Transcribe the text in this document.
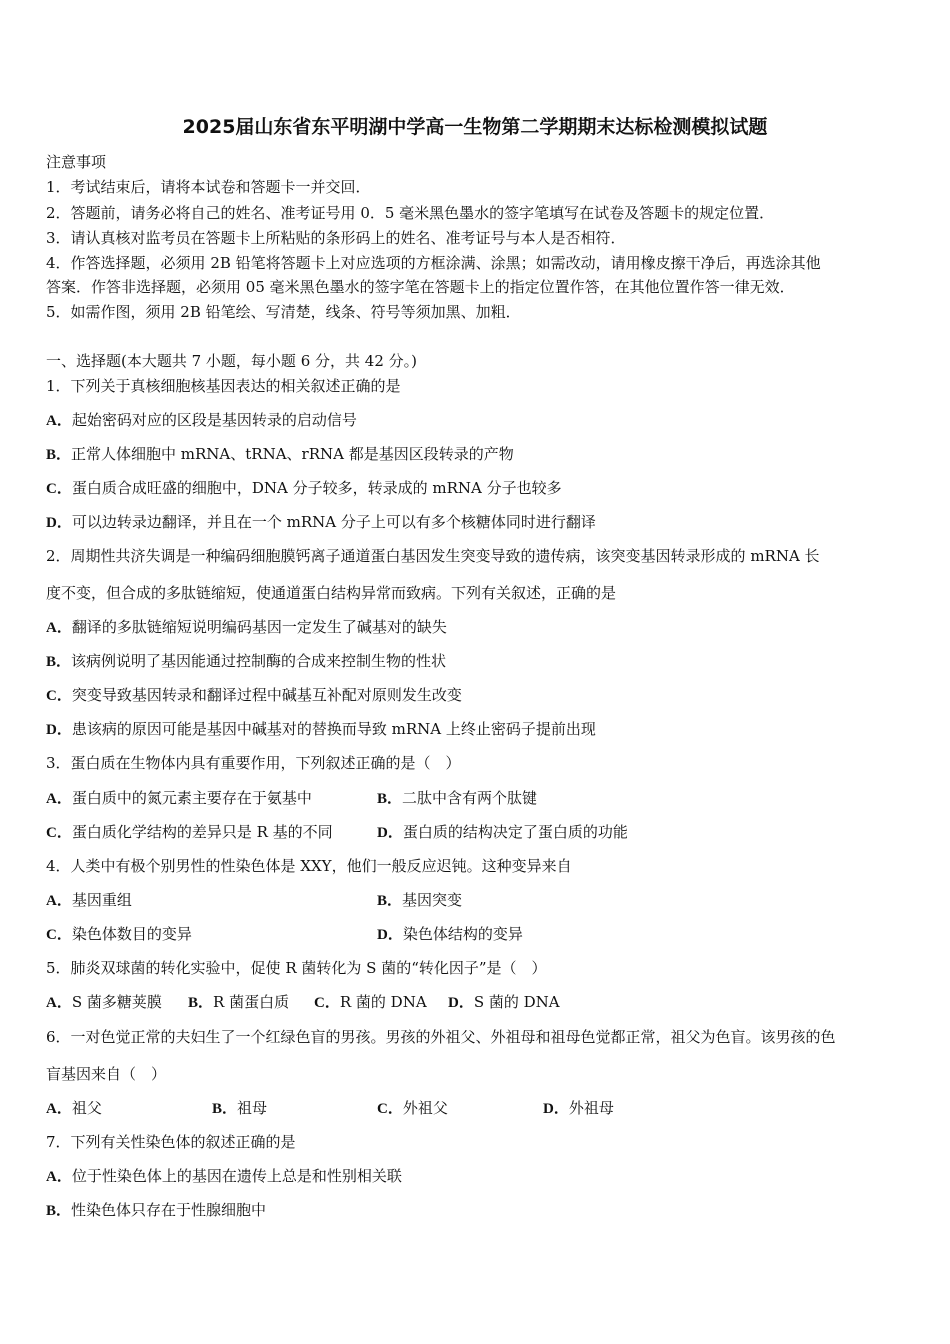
2025届山东省东平明湖中学高一生物第二学期期末达标检测模拟试题
注意事项
1．考试结束后，请将本试卷和答题卡一并交回．
2．答题前，请务必将自己的姓名、准考证号用 0．5 毫米黑色墨水的签字笔填写在试卷及答题卡的规定位置．
3．请认真核对监考员在答题卡上所粘贴的条形码上的姓名、准考证号与本人是否相符．
4．作答选择题，必须用 2B 铅笔将答题卡上对应选项的方框涂满、涂黑；如需改动，请用橡皮擦干净后，再选涂其他
答案．作答非选择题，必须用 05 毫米黑色墨水的签字笔在答题卡上的指定位置作答，在其他位置作答一律无效．
5．如需作图，须用 2B 铅笔绘、写清楚，线条、符号等须加黑、加粗．
一、选择题(本大题共 7 小题，每小题 6 分，共 42 分。)
1．下列关于真核细胞核基因表达的相关叙述正确的是
A．起始密码对应的区段是基因转录的启动信号
B．正常人体细胞中 mRNA、tRNA、rRNA 都是基因区段转录的产物
C．蛋白质合成旺盛的细胞中，DNA 分子较多，转录成的 mRNA 分子也较多
D．可以边转录边翻译，并且在一个 mRNA 分子上可以有多个核糖体同时进行翻译
2．周期性共济失调是一种编码细胞膜钙离子通道蛋白基因发生突变导致的遗传病，该突变基因转录形成的 mRNA 长
度不变，但合成的多肽链缩短，使通道蛋白结构异常而致病。下列有关叙述，正确的是
A．翻译的多肽链缩短说明编码基因一定发生了碱基对的缺失
B．该病例说明了基因能通过控制酶的合成来控制生物的性状
C．突变导致基因转录和翻译过程中碱基互补配对原则发生改变
D．患该病的原因可能是基因中碱基对的替换而导致 mRNA 上终止密码子提前出现
3．蛋白质在生物体内具有重要作用，下列叙述正确的是（　）
A．蛋白质中的氮元素主要存在于氨基中	B．二肽中含有两个肽键
C．蛋白质化学结构的差异只是 R 基的不同	D．蛋白质的结构决定了蛋白质的功能
4．人类中有极个别男性的性染色体是 XXY，他们一般反应迟钝。这种变异来自
A．基因重组	B．基因突变
C．染色体数目的变异	D．染色体结构的变异
5．肺炎双球菌的转化实验中，促使 R 菌转化为 S 菌的“转化因子”是（　）
A．S 菌多糖荚膜 B．R 菌蛋白质 C．R 菌的 DNA D．S 菌的 DNA
6．一对色觉正常的夫妇生了一个红绿色盲的男孩。男孩的外祖父、外祖母和祖母色觉都正常，祖父为色盲。该男孩的色
盲基因来自（　）
A．祖父	B．祖母	C．外祖父	D．外祖母
7．下列有关性染色体的叙述正确的是
A．位于性染色体上的基因在遗传上总是和性别相关联
B．性染色体只存在于性腺细胞中
